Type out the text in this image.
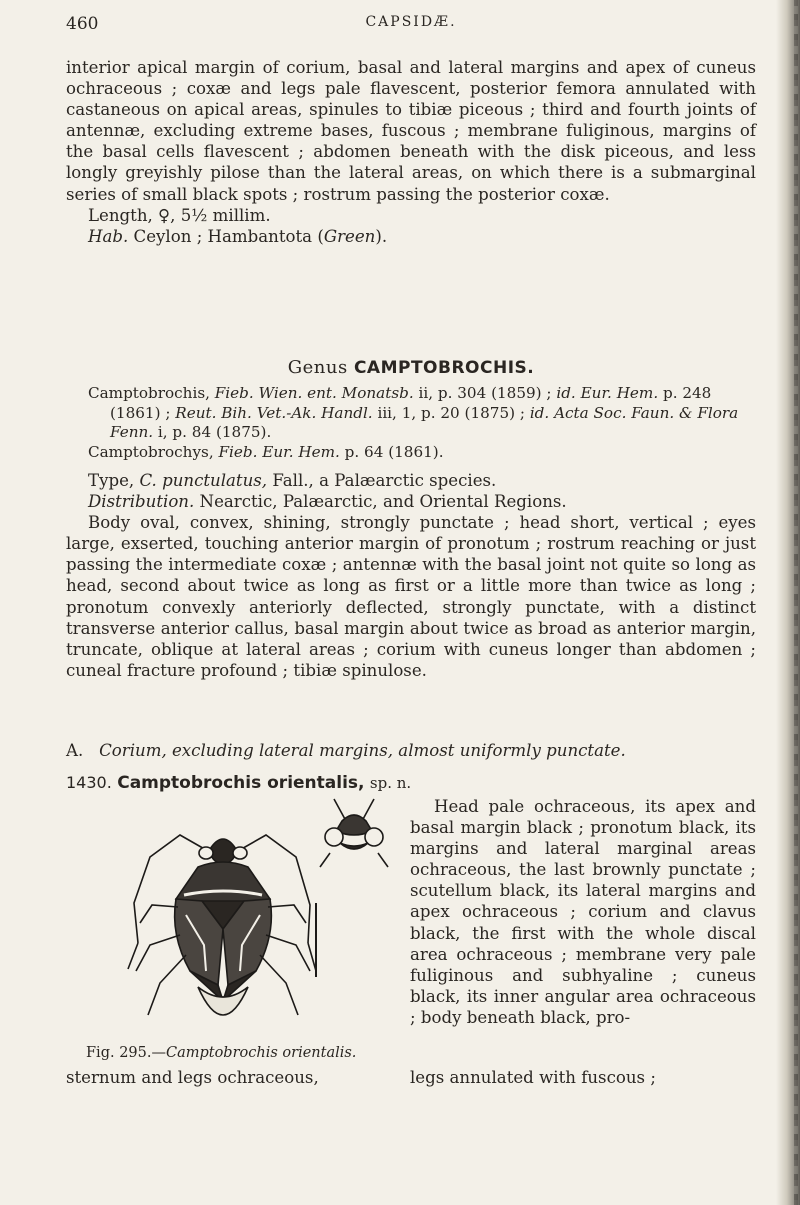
CAPSIDÆ.
460
interior apical margin of corium, basal and lateral margins and apex of cuneus ochraceous ; coxæ and legs pale flavescent, posterior femora annulated with castaneous on apical areas, spinules to tibiæ piceous ; third and fourth joints of antennæ, excluding extreme bases, fuscous ; membrane fuliginous, margins of the basal cells flavescent ; abdomen beneath with the disk piceous, and less longly greyishly pilose than the lateral areas, on which there is a submarginal series of small black spots ; rostrum passing the posterior coxæ.
Length, ♀, 5½ millim.
Hab. Ceylon ; Hambantota (Green).
Genus CAMPTOBROCHIS.

Camptobrochis, Fieb. Wien. ent. Monatsb. ii, p. 304 (1859) ; id. Eur. Hem. p. 248 (1861) ; Reut. Bih. Vet.-Ak. Handl. iii, 1, p. 20 (1875) ; id. Acta Soc. Faun. & Flora Fenn. i, p. 84 (1875).

Camptobrochys, Fieb. Eur. Hem. p. 64 (1861).

Type, C. punctulatus, Fall., a Palæarctic species.

Distribution. Nearctic, Palæarctic, and Oriental Regions.

Body oval, convex, shining, strongly punctate ; head short, vertical ; eyes large, exserted, touching anterior margin of pronotum ; rostrum reaching or just passing the intermediate coxæ ; antennæ with the basal joint not quite so long as head, second about twice as long as first or a little more than twice as long ; pronotum convexly anteriorly deflected, strongly punctate, with a distinct transverse anterior callus, basal margin about twice as broad as anterior margin, truncate, oblique at lateral areas ; corium with cuneus longer than abdomen ; cuneal fracture profound ; tibiæ spinulose.

A. Corium, excluding lateral margins, almost uniformly punctate.
1430. Camptobrochis orientalis, sp. n.
Fig. 295.—Camptobrochis orientalis.
Head pale ochraceous, its apex and basal margin black ; pronotum black, its margins and lateral marginal areas ochraceous, the last brownly punctate ; scutellum black, its lateral margins and apex ochraceous ; corium and clavus black, the first with the whole discal area ochraceous ; membrane very pale fuliginous and subhyaline ; cuneus black, its inner angular area ochraceous ; body beneath black, pro-
sternum and legs ochraceous,	legs annulated with fuscous ;
